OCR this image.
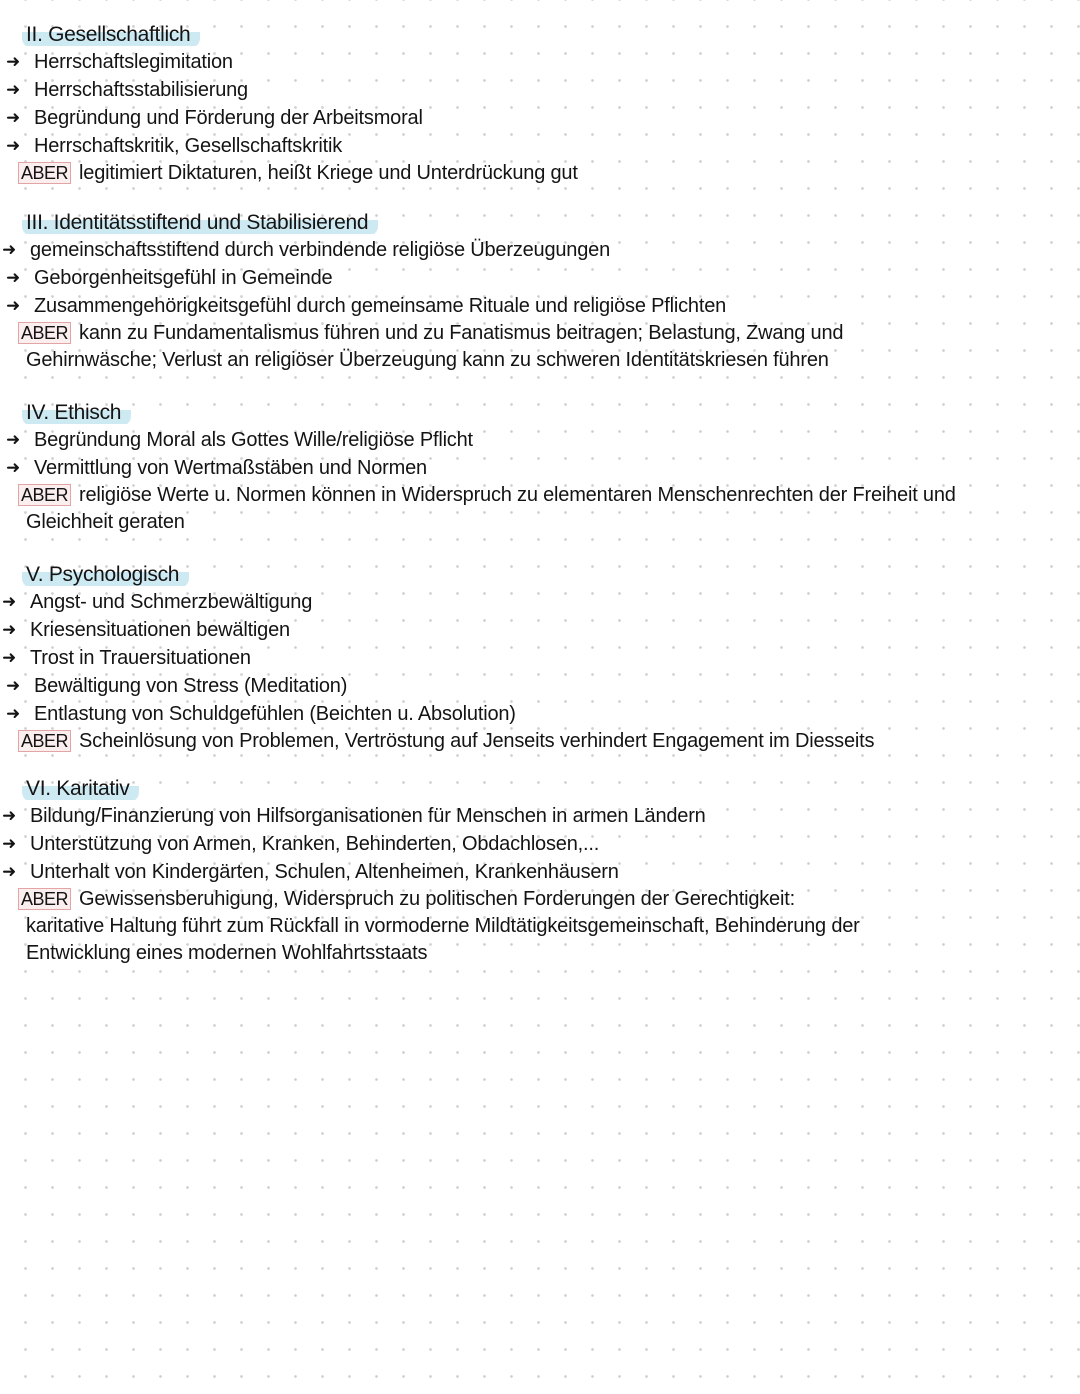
II. Gesellschaftlich
➜ Herrschaftslegimitation
➜ Herrschaftsstabilisierung
➜ Begründung und Förderung der Arbeitsmoral
➜ Herrschaftskritik, Gesellschaftskritik
ABER legitimiert Diktaturen, heißt Kriege und Unterdrückung gut
III. Identitätsstiftend und Stabilisierend
➜ gemeinschaftsstiftend durch verbindende religiöse Überzeugungen
➜ Geborgenheitsgefühl in Gemeinde
➜ Zusammengehörigkeitsgefühl durch gemeinsame Rituale und religiöse Pflichten
ABER kann zu Fundamentalismus führen und zu Fanatismus beitragen; Belastung, Zwang und
Gehirnwäsche; Verlust an religiöser Überzeugung kann zu schweren Identitätskriesen führen
IV. Ethisch
➜ Begründung Moral als Gottes Wille/religiöse Pflicht
➜ Vermittlung von Wertmaßstäben und Normen
ABER religiöse Werte u. Normen können in Widerspruch zu elementaren Menschenrechten der Freiheit und
Gleichheit geraten
V. Psychologisch
➜ Angst- und Schmerzbewältigung
➜ Kriesensituationen bewältigen
➜ Trost in Trauersituationen
➜ Bewältigung von Stress (Meditation)
➜ Entlastung von Schuldgefühlen (Beichten u. Absolution)
ABER Scheinlösung von Problemen, Vertröstung auf Jenseits verhindert Engagement im Diesseits
VI. Karitativ
➜ Bildung/Finanzierung von Hilfsorganisationen für Menschen in armen Ländern
➜ Unterstützung von Armen, Kranken, Behinderten, Obdachlosen,...
➜ Unterhalt von Kindergärten, Schulen, Altenheimen, Krankenhäusern
ABER Gewissensberuhigung, Widerspruch zu politischen Forderungen der Gerechtigkeit:
karitative Haltung führt zum Rückfall in vormoderne Mildtätigkeitsgemeinschaft, Behinderung der
Entwicklung eines modernen Wohlfahrtsstaats
